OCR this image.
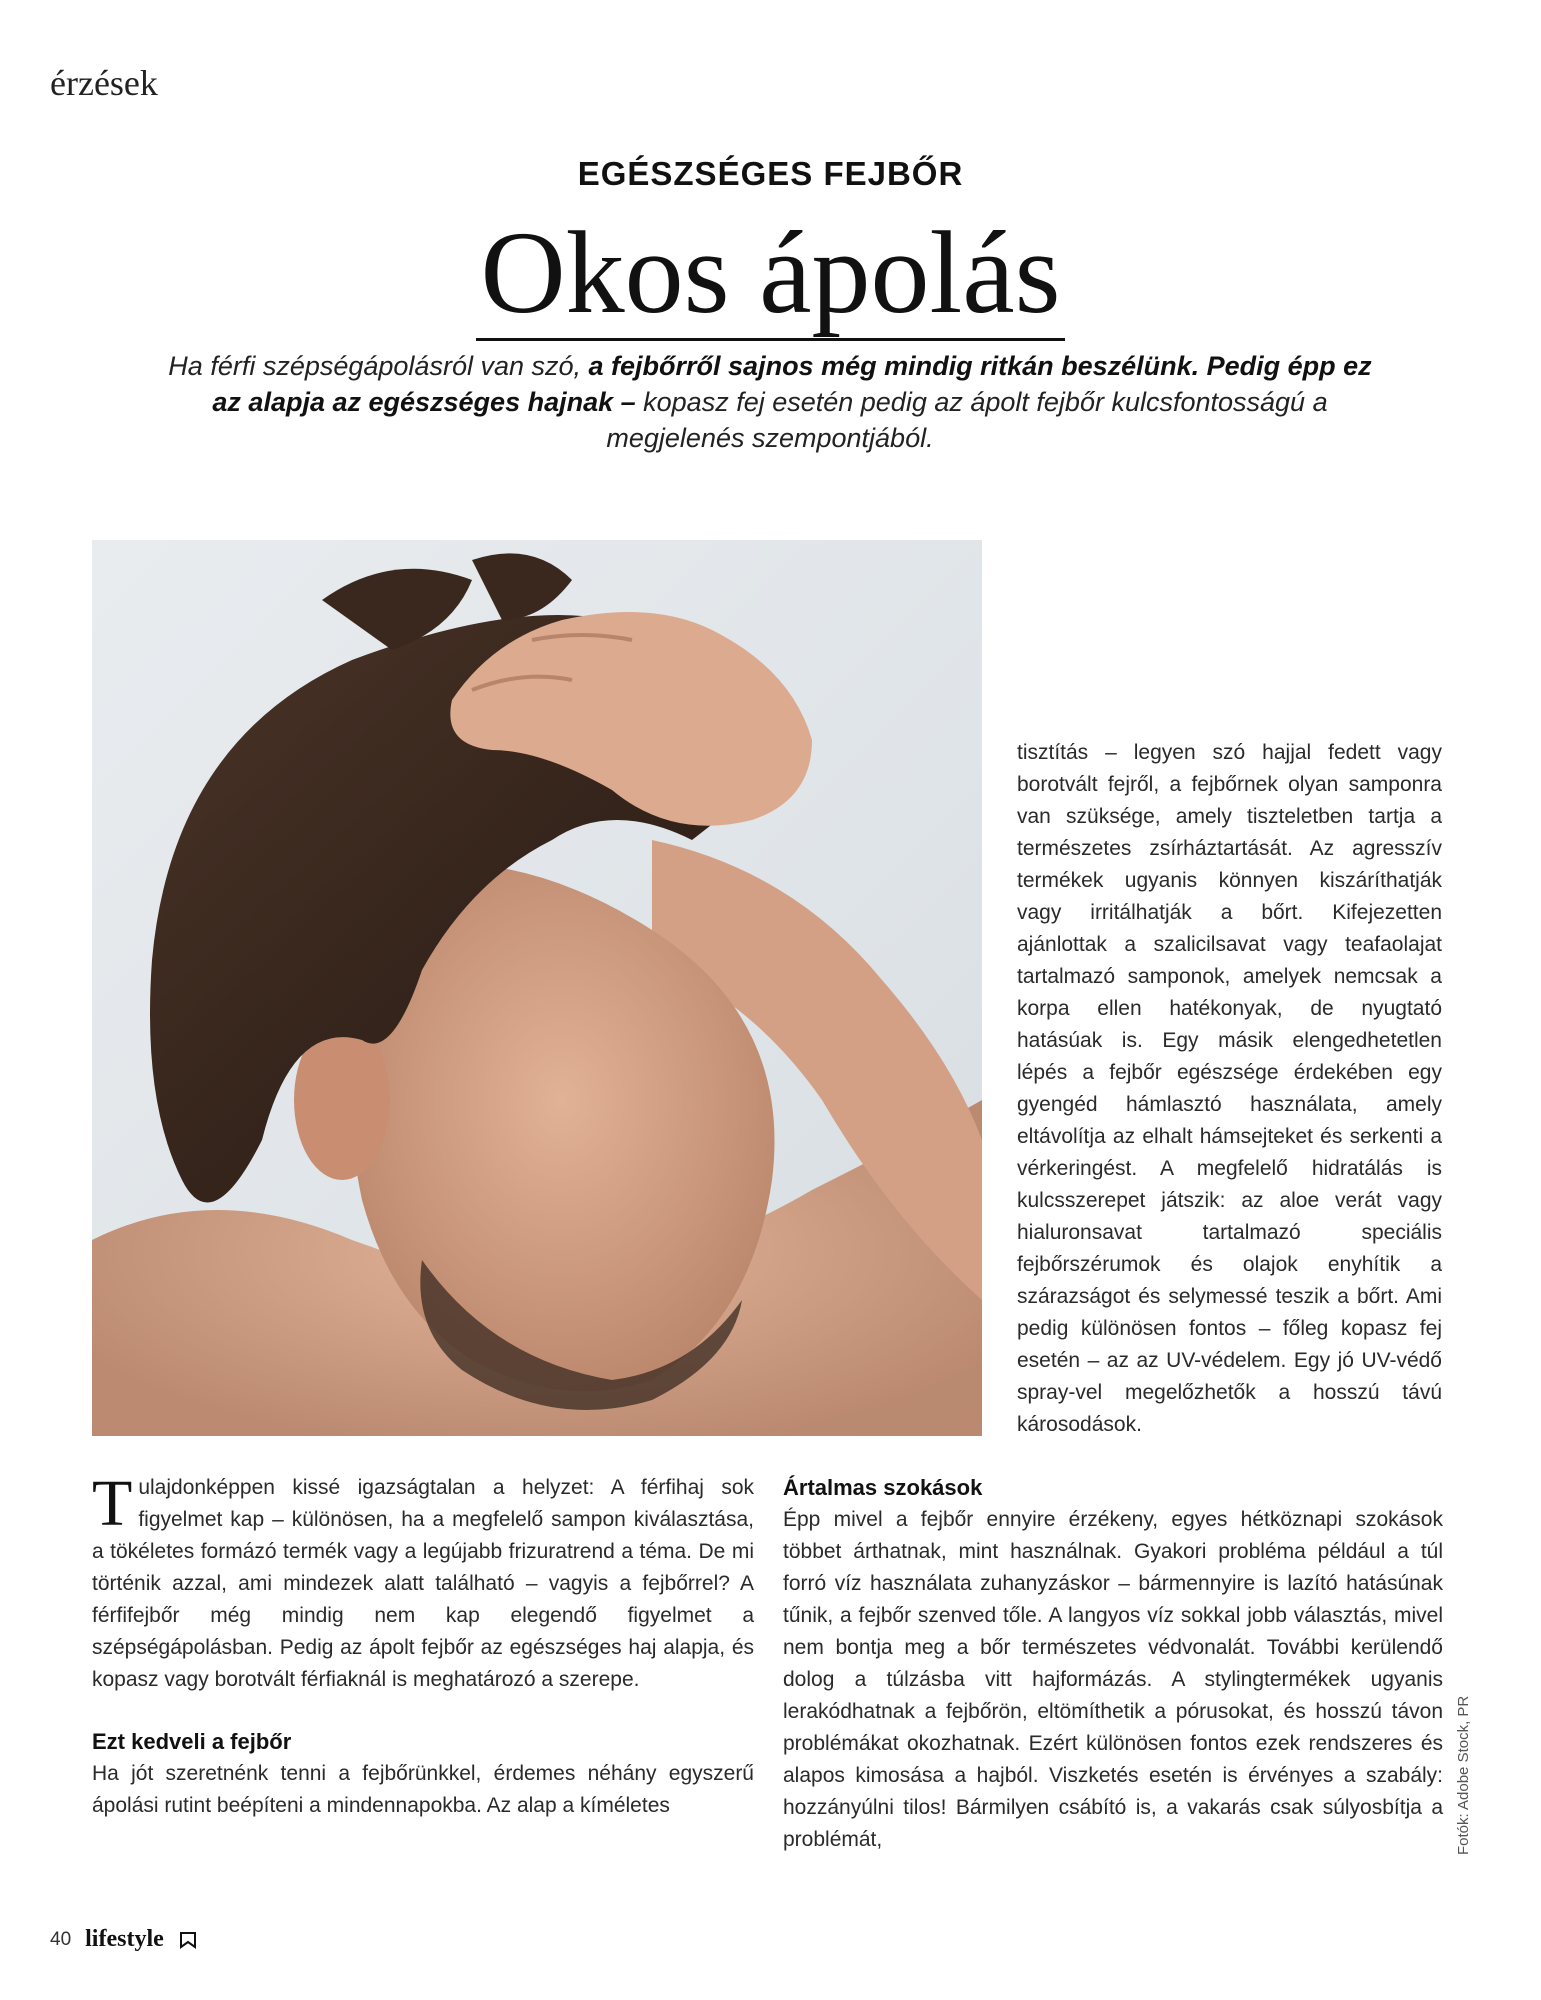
érzések
EGÉSZSÉGES FEJBŐR
Okos ápolás
Ha férfi szépségápolásról van szó, a fejbőrről sajnos még mindig ritkán beszélünk. Pedig épp ez az alapja az egészséges hajnak – kopasz fej esetén pedig az ápolt fejbőr kulcsfontosságú a megjelenés szempontjából.

tisztítás – legyen szó hajjal fedett vagy borotvált fejről, a fejbőrnek olyan samponra van szüksége, amely tiszteletben tartja a természetes zsírháztartását. Az agresszív termékek ugyanis könnyen kiszáríthatják vagy irritálhatják a bőrt. Kifejezetten ajánlottak a szalicilsavat vagy teafaolajat tartalmazó samponok, amelyek nemcsak a korpa ellen hatékonyak, de nyugtató hatásúak is. Egy másik elengedhetetlen lépés a fejbőr egészsége érdekében egy gyengéd hámlasztó használata, amely eltávolítja az elhalt hámsejteket és serkenti a vérkeringést. A megfelelő hidratálás is kulcsszerepet játszik: az aloe verát vagy hialuronsavat tartalmazó speciális fejbőrszérumok és olajok enyhítik a szárazságot és selymessé teszik a bőrt. Ami pedig különösen fontos – főleg kopasz fej esetén – az az UV-védelem. Egy jó UV-védő spray-vel megelőzhetők a hosszú távú károsodások.

Tulajdonképpen kissé igazságtalan a helyzet: A férfihaj sok figyelmet kap – különösen, ha a megfelelő sampon kiválasztása, a tökéletes formázó termék vagy a legújabb frizuratrend a téma. De mi történik azzal, ami mindezek alatt található – vagyis a fejbőrrel? A férfifejbőr még mindig nem kap elegendő figyelmet a szépségápolásban. Pedig az ápolt fejbőr az egészséges haj alapja, és kopasz vagy borotvált férfiaknál is meghatározó a szerepe.

Ezt kedveli a fejbőr

Ha jót szeretnénk tenni a fejbőrünkkel, érdemes néhány egyszerű ápolási rutint beépíteni a mindennapokba. Az alap a kíméletes

Ártalmas szokások

Épp mivel a fejbőr ennyire érzékeny, egyes hétköznapi szokások többet árthatnak, mint használnak. Gyakori probléma például a túl forró víz használata zuhanyzáskor – bármennyire is lazító hatásúnak tűnik, a fejbőr szenved tőle. A langyos víz sokkal jobb választás, mivel nem bontja meg a bőr természetes védvonalát. További kerülendő dolog a túlzásba vitt hajformázás. A stylingtermékek ugyanis lerakódhatnak a fejbőrön, eltömíthetik a pórusokat, és hosszú távon problémákat okozhatnak. Ezért különösen fontos ezek rendszeres és alapos kimosása a hajból. Viszketés esetén is érvényes a szabály: hozzányúlni tilos! Bármilyen csábító is, a vakarás csak súlyosbítja a problémát,	Fotók: Adobe Stock, PR
40 lifestyle
